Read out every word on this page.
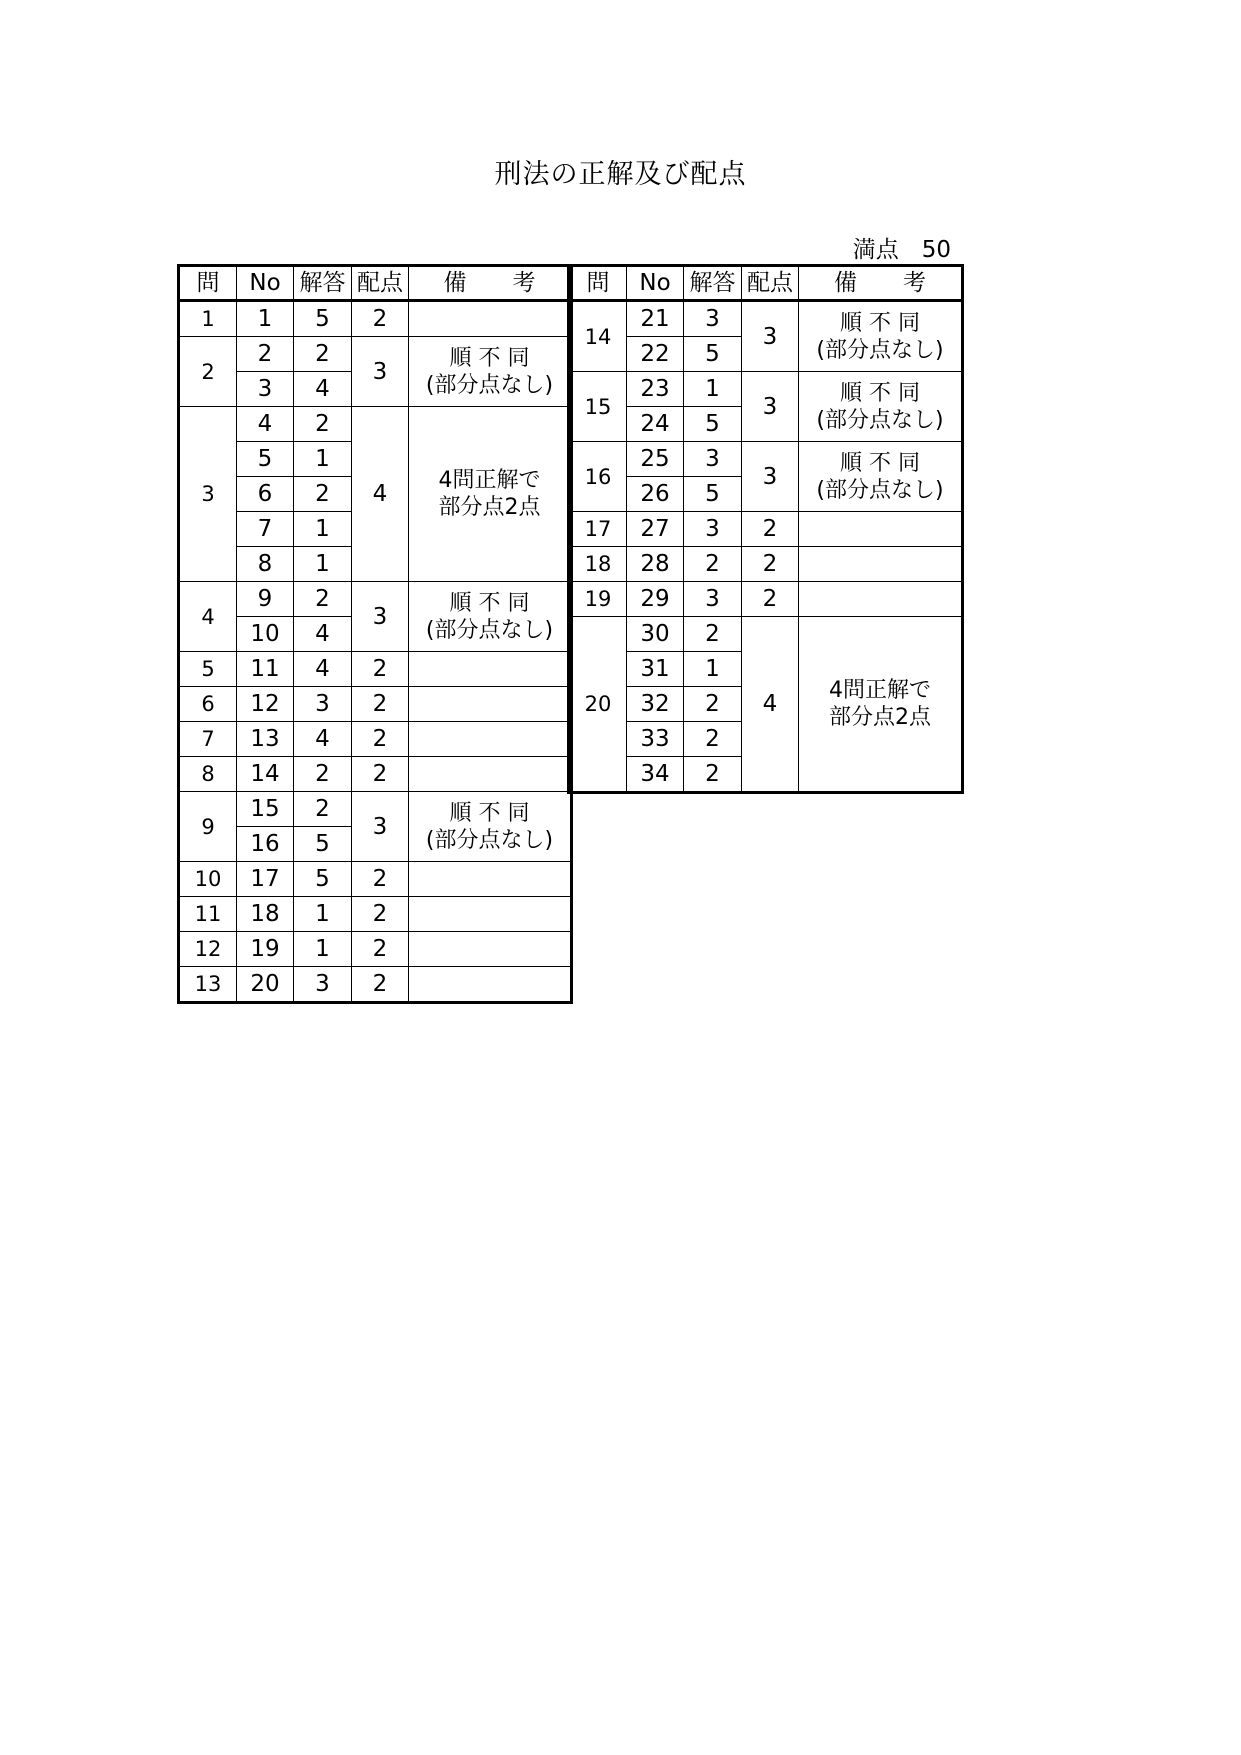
刑法の正解及び配点
満点　50
問	No	解答	配点	備　　考
1	1	5	2	
2	2	2	3	順 不 同
(部分点なし)

	3	4		
3	4	2	4	4問正解で
部分点2点

	5	1		
	6	2		
	7	1		
	8	1		
4	9	2	3	順 不 同
(部分点なし)

	10	4		
5	11	4	2	
6	12	3	2	
7	13	4	2	
8	14	2	2	
9	15	2	3	順 不 同
(部分点なし)

	16	5		
10	17	5	2	
11	18	1	2	
12	19	1	2	
13	20	3	2	
問	No	解答	配点	備　　考
14	21	3	3	順 不 同
(部分点なし)

	22	5		
15	23	1	3	順 不 同
(部分点なし)

	24	5		
16	25	3	3	順 不 同
(部分点なし)

	26	5		
17	27	3	2	
18	28	2	2	
19	29	3	2	
20	30	2	4	4問正解で
部分点2点

	31	1		
	32	2		
	33	2		
	34	2		
